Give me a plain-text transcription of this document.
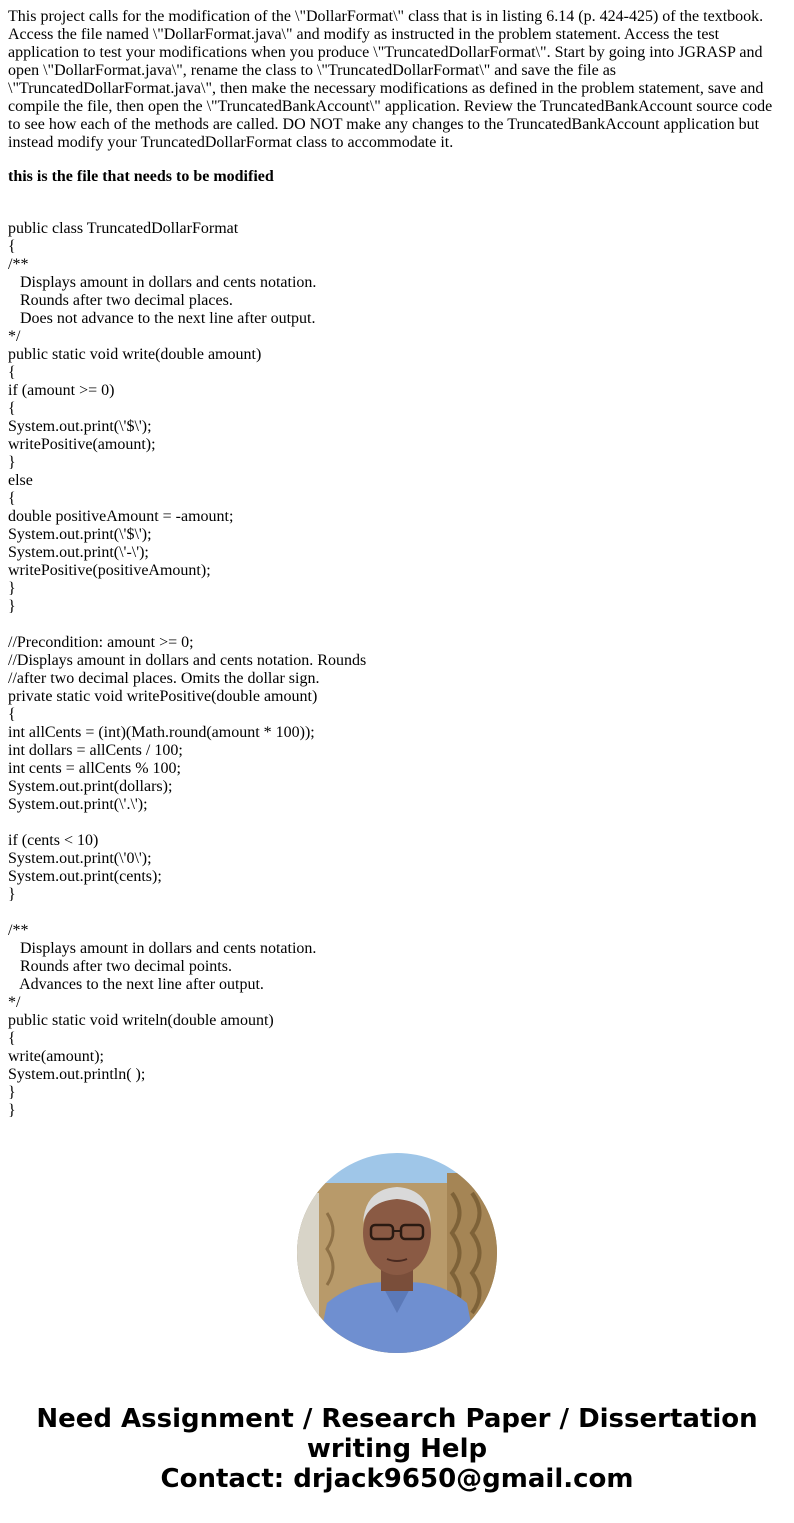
This project calls for the modification of the \"DollarFormat\" class that is in listing 6.14 (p. 424-425) of the textbook. Access the file named \"DollarFormat.java\" and modify as instructed in the problem statement. Access the test application to test your modifications when you produce \"TruncatedDollarFormat\". Start by going into JGRASP and open \"DollarFormat.java\", rename the class to \"TruncatedDollarFormat\" and save the file as \"TruncatedDollarFormat.java\", then make the necessary modifications as defined in the problem statement, save and compile the file, then open the \"TruncatedBankAccount\" application. Review the TruncatedBankAccount source code to see how each of the methods are called. DO NOT make any changes to the TruncatedBankAccount application but instead modify your TruncatedDollarFormat class to accommodate it.

this is the file that needs to be modified

public class TruncatedDollarFormat
{
/**
Displays amount in dollars and cents notation.
Rounds after two decimal places.
Does not advance to the next line after output.
*/
public static void write(double amount)
{
if (amount >= 0)
{
System.out.print(\'$\');
writePositive(amount);
}
else
{
double positiveAmount = -amount;
System.out.print(\'$\');
System.out.print(\'-\');
writePositive(positiveAmount);
}
}
//Precondition: amount >= 0;
//Displays amount in dollars and cents notation. Rounds
//after two decimal places. Omits the dollar sign.
private static void writePositive(double amount)
{
int allCents = (int)(Math.round(amount * 100));
int dollars = allCents / 100;
int cents = allCents % 100;
System.out.print(dollars);
System.out.print(\'.\');
if (cents < 10)
System.out.print(\'0\');
System.out.print(cents);
}
/**
Displays amount in dollars and cents notation.
Rounds after two decimal points.
Advances to the next line after output.
*/
public static void writeln(double amount)
{
write(amount);
System.out.println( );
}
}
Need Assignment / Research Paper / Dissertation
writing Help
Contact: drjack9650@gmail.com
